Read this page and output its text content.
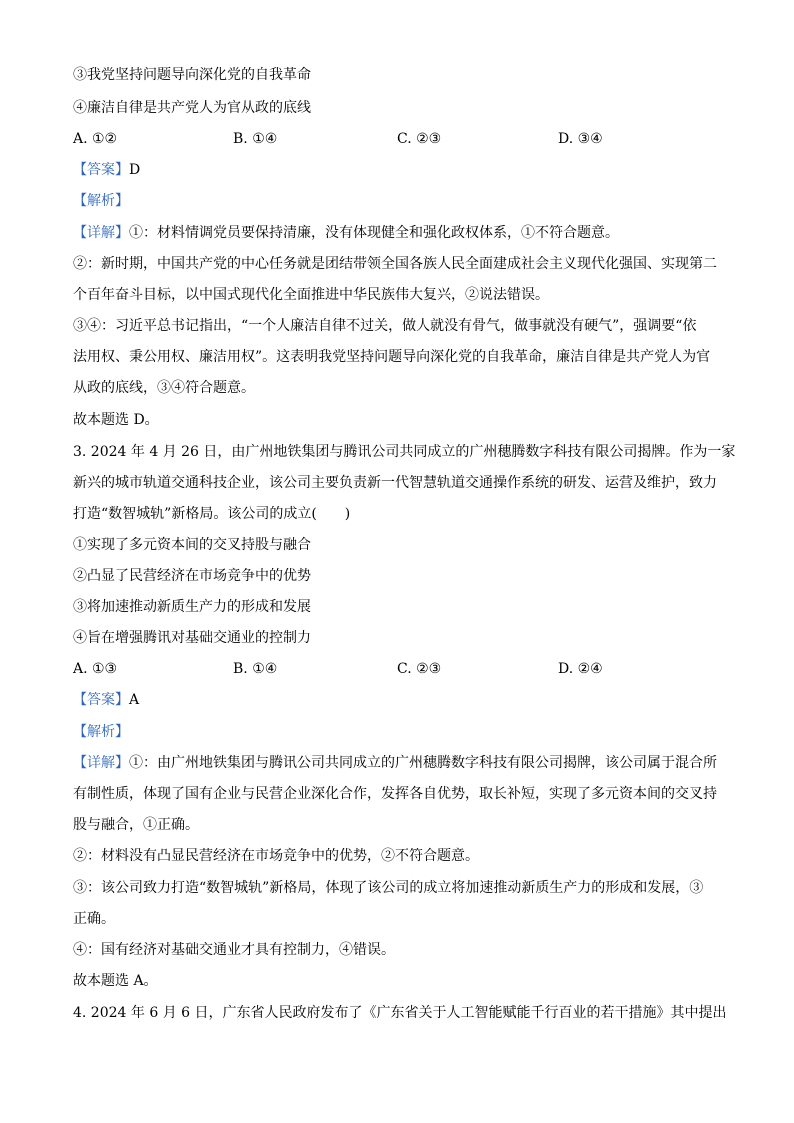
③我党坚持问题导向深化党的自我革命
④廉洁自律是共产党人为官从政的底线
A. ①②	B. ①④	C. ②③	D. ③④
【答案】D
【解析】
【详解】①：材料情调党员要保持清廉，没有体现健全和强化政权体系，①不符合题意。
②：新时期，中国共产党的中心任务就是团结带领全国各族人民全面建成社会主义现代化强国、实现第二
个百年奋斗目标，以中国式现代化全面推进中华民族伟大复兴，②说法错误。
③④：习近平总书记指出，“一个人廉洁自律不过关，做人就没有骨气，做事就没有硬气”，强调要“依
法用权、秉公用权、廉洁用权”。这表明我党坚持问题导向深化党的自我革命，廉洁自律是共产党人为官
从政的底线，③④符合题意。
故本题选 D。
3. 2024 年 4 月 26 日，由广州地铁集团与腾讯公司共同成立的广州穗腾数字科技有限公司揭牌。作为一家
新兴的城市轨道交通科技企业，该公司主要负责新一代智慧轨道交通操作系统的研发、运营及维护，致力
打造“数智城轨”新格局。该公司的成立(　　)
①实现了多元资本间的交叉持股与融合
②凸显了民营经济在市场竞争中的优势
③将加速推动新质生产力的形成和发展
④旨在增强腾讯对基础交通业的控制力
A. ①③	B. ①④	C. ②③	D. ②④
【答案】A
【解析】
【详解】①：由广州地铁集团与腾讯公司共同成立的广州穗腾数字科技有限公司揭牌，该公司属于混合所
有制性质，体现了国有企业与民营企业深化合作，发挥各自优势，取长补短，实现了多元资本间的交叉持
股与融合，①正确。
②：材料没有凸显民营经济在市场竞争中的优势，②不符合题意。
③：该公司致力打造“数智城轨”新格局，体现了该公司的成立将加速推动新质生产力的形成和发展，③
正确。
④：国有经济对基础交通业才具有控制力，④错误。
故本题选 A。
4. 2024 年 6 月 6 日，广东省人民政府发布了《广东省关于人工智能赋能千行百业的若干措施》其中提出
